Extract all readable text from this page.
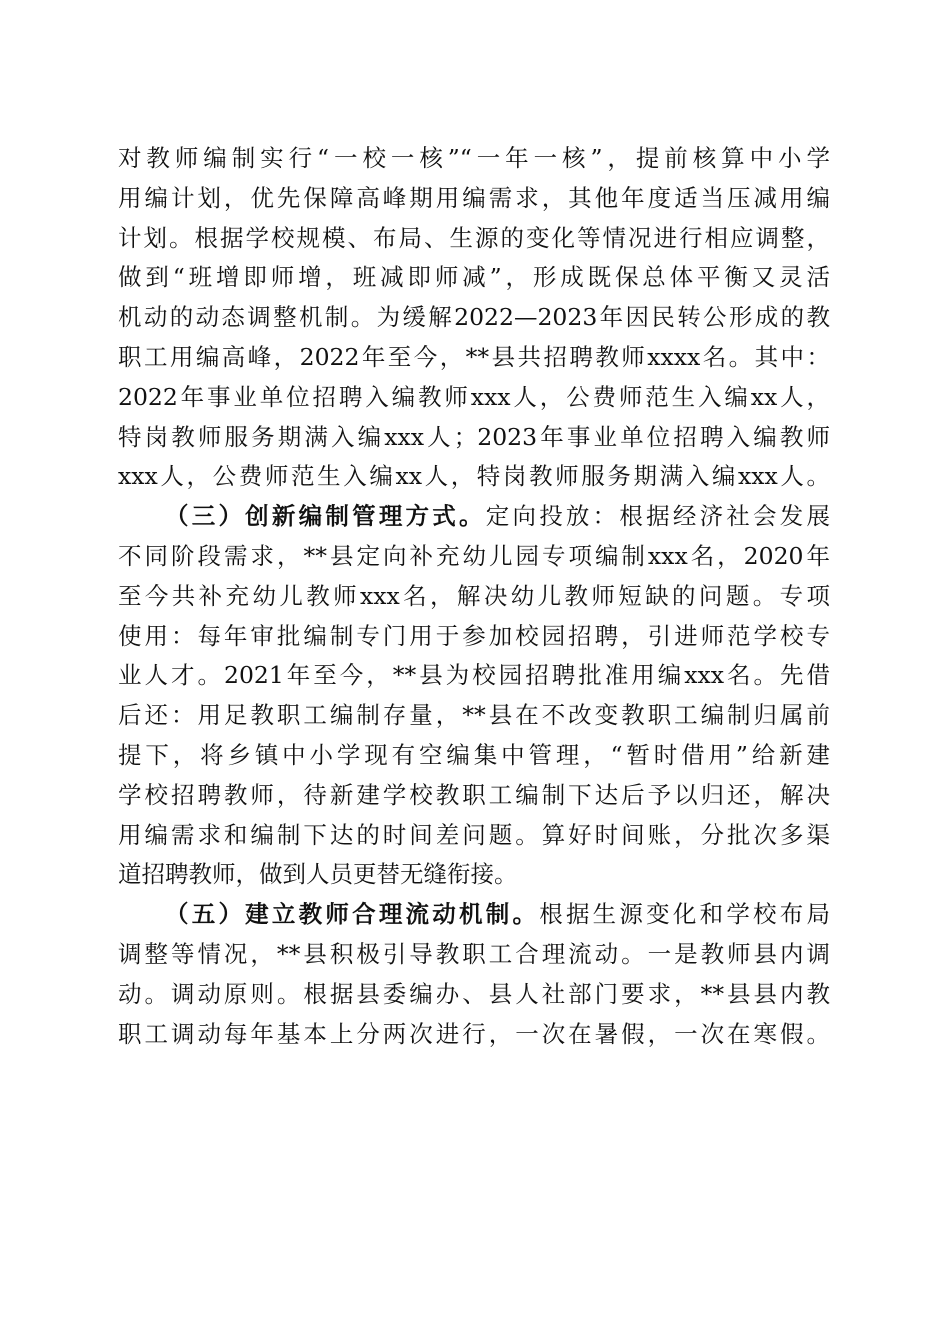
对教师编制实行“一校一核”“一年一核”，提前核算中小学
用编计划，优先保障高峰期用编需求，其他年度适当压减用编
计划。根据学校规模、布局、生源的变化等情况进行相应调整，
做到“班增即师增，班减即师减”，形成既保总体平衡又灵活
机动的动态调整机制。为缓解2022—2023年因民转公形成的教
职工用编高峰，2022年至今，**县共招聘教师xxxx名。其中：
2022年事业单位招聘入编教师xxx人，公费师范生入编xx人，
特岗教师服务期满入编xxx人；2023年事业单位招聘入编教师
xxx人，公费师范生入编xx人，特岗教师服务期满入编xxx人。
（三）创新编制管理方式。定向投放：根据经济社会发展
不同阶段需求，**县定向补充幼儿园专项编制xxx名，2020年
至今共补充幼儿教师xxx名，解决幼儿教师短缺的问题。专项
使用：每年审批编制专门用于参加校园招聘，引进师范学校专
业人才。2021年至今，**县为校园招聘批准用编xxx名。先借
后还：用足教职工编制存量，**县在不改变教职工编制归属前
提下，将乡镇中小学现有空编集中管理，“暂时借用”给新建
学校招聘教师，待新建学校教职工编制下达后予以归还，解决
用编需求和编制下达的时间差问题。算好时间账，分批次多渠
道招聘教师，做到人员更替无缝衔接。
（五）建立教师合理流动机制。根据生源变化和学校布局
调整等情况，**县积极引导教职工合理流动。一是教师县内调
动。调动原则。根据县委编办、县人社部门要求，**县县内教
职工调动每年基本上分两次进行，一次在暑假，一次在寒假。
